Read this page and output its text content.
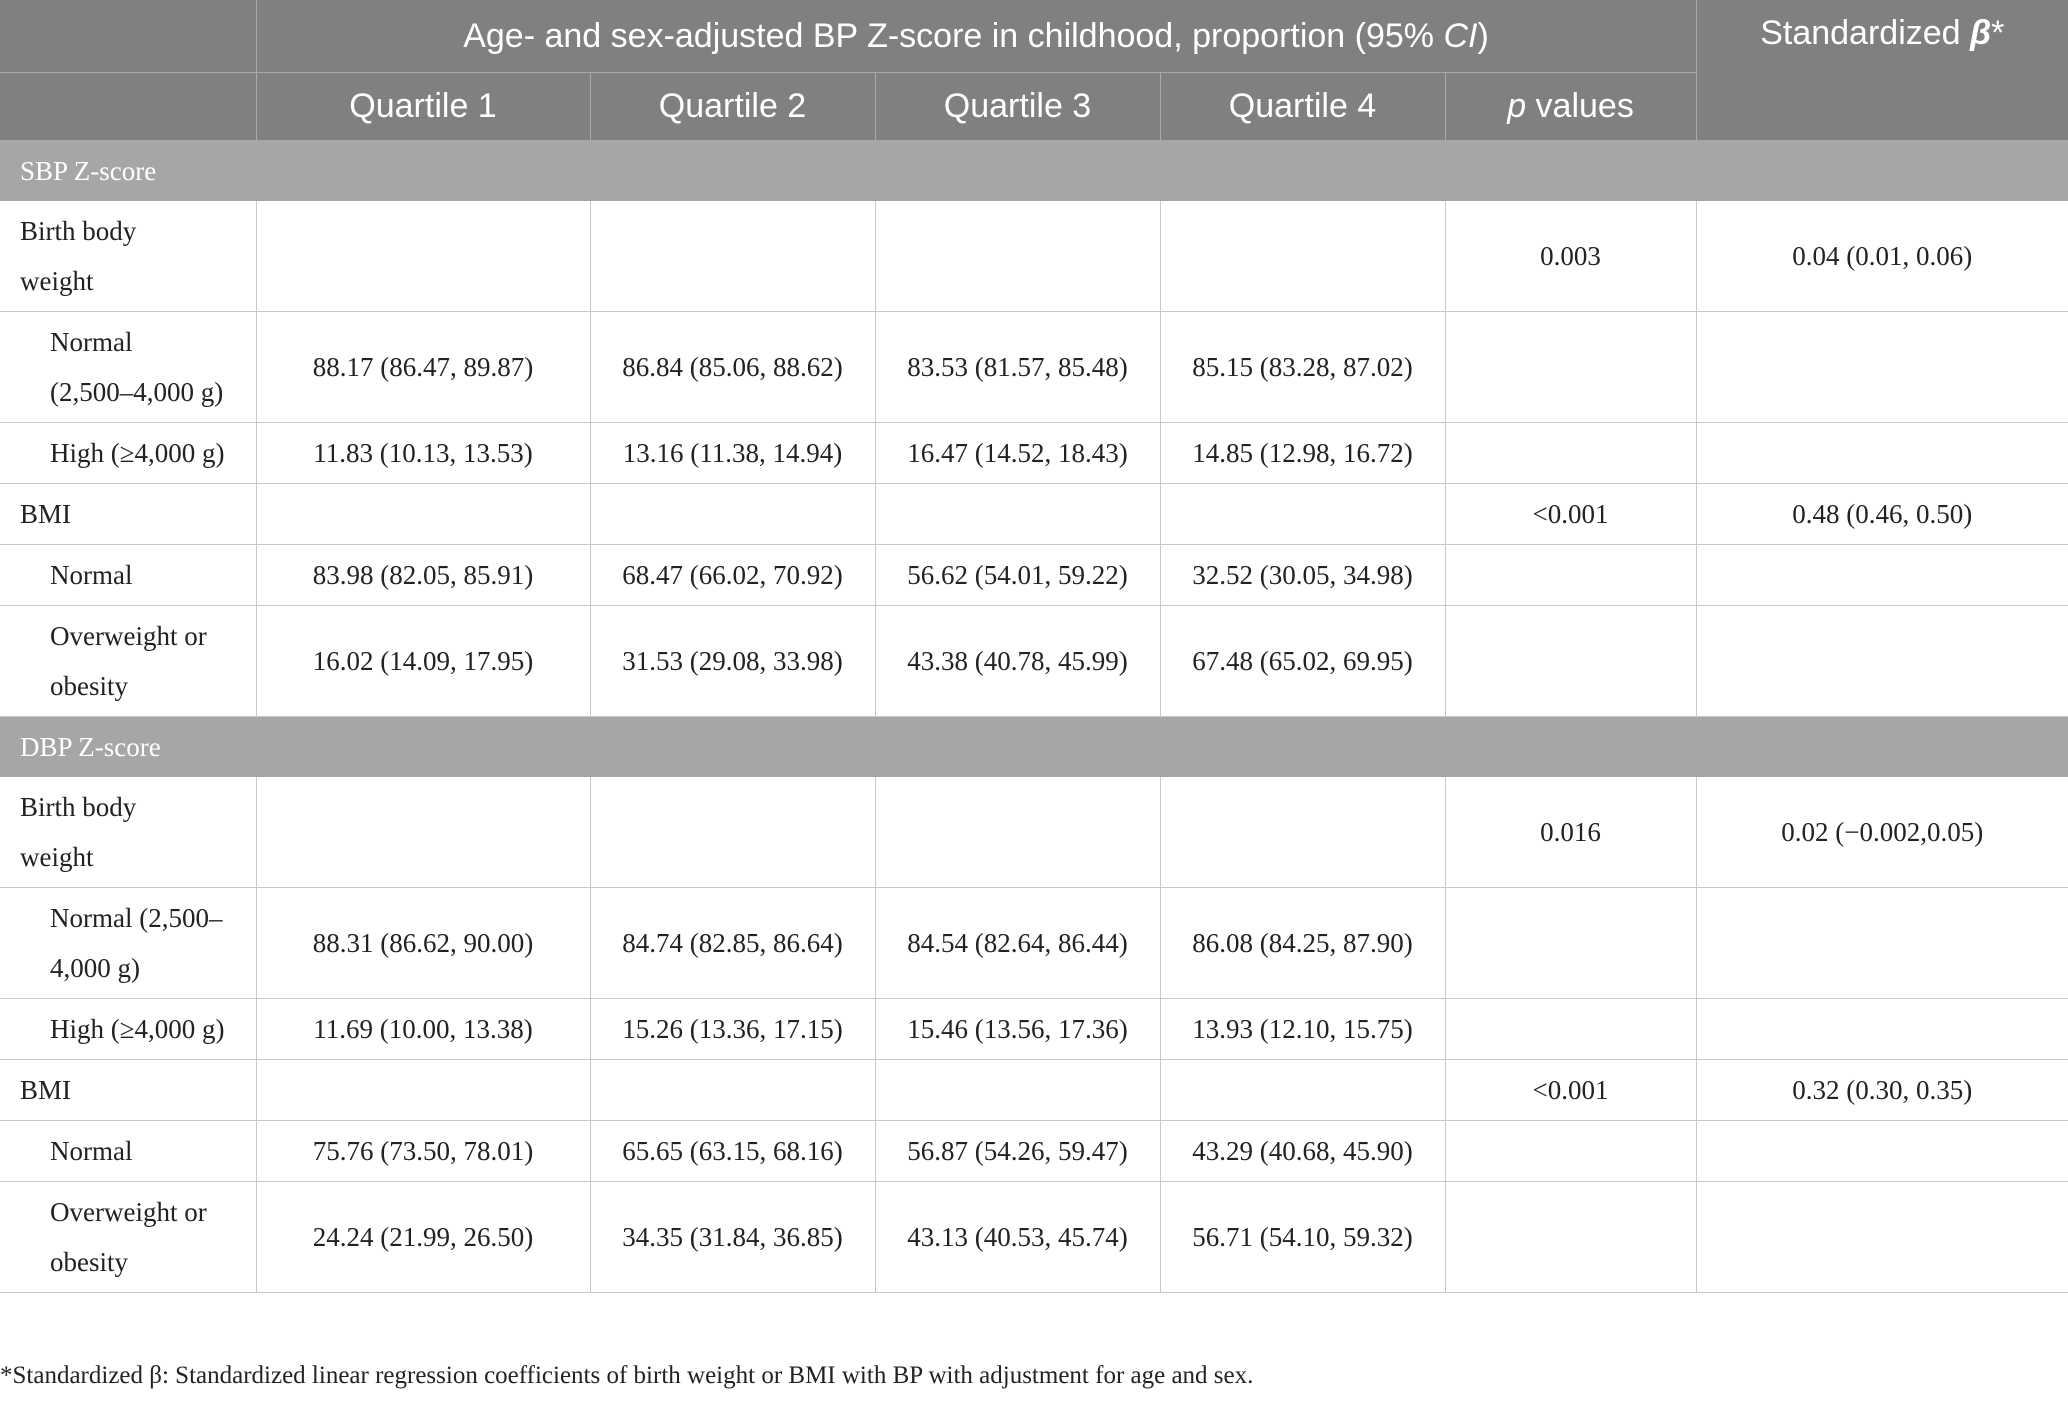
	Age- and sex-adjusted BP Z-score in childhood, proportion (95% CI)					Standardized β*
	Quartile 1	Quartile 2	Quartile 3	Quartile 4	p values	
SBP Z-score						

Birth body
weight					0.003	0.04 (0.01, 0.06)

Normal
(2,500–4,000 g)	88.17 (86.47, 89.87)	86.84 (85.06, 88.62)	83.53 (81.57, 85.48)	85.15 (83.28, 87.02)		

High (≥4,000 g)	11.83 (10.13, 13.53)	13.16 (11.38, 14.94)	16.47 (14.52, 18.43)	14.85 (12.98, 16.72)		

BMI					<0.001	0.48 (0.46, 0.50)

Normal	83.98 (82.05, 85.91)	68.47 (66.02, 70.92)	56.62 (54.01, 59.22)	32.52 (30.05, 34.98)		

Overweight or
obesity	16.02 (14.09, 17.95)	31.53 (29.08, 33.98)	43.38 (40.78, 45.99)	67.48 (65.02, 69.95)		
DBP Z-score						

Birth body
weight					0.016	0.02 (−0.002,0.05)

Normal (2,500–
4,000 g)	88.31 (86.62, 90.00)	84.74 (82.85, 86.64)	84.54 (82.64, 86.44)	86.08 (84.25, 87.90)		

High (≥4,000 g)	11.69 (10.00, 13.38)	15.26 (13.36, 17.15)	15.46 (13.56, 17.36)	13.93 (12.10, 15.75)		

BMI					<0.001	0.32 (0.30, 0.35)

Normal	75.76 (73.50, 78.01)	65.65 (63.15, 68.16)	56.87 (54.26, 59.47)	43.29 (40.68, 45.90)		

Overweight or
obesity	24.24 (21.99, 26.50)	34.35 (31.84, 36.85)	43.13 (40.53, 45.74)	56.71 (54.10, 59.32)		
*Standardized β: Standardized linear regression coefficients of birth weight or BMI with BP with adjustment for age and sex.
